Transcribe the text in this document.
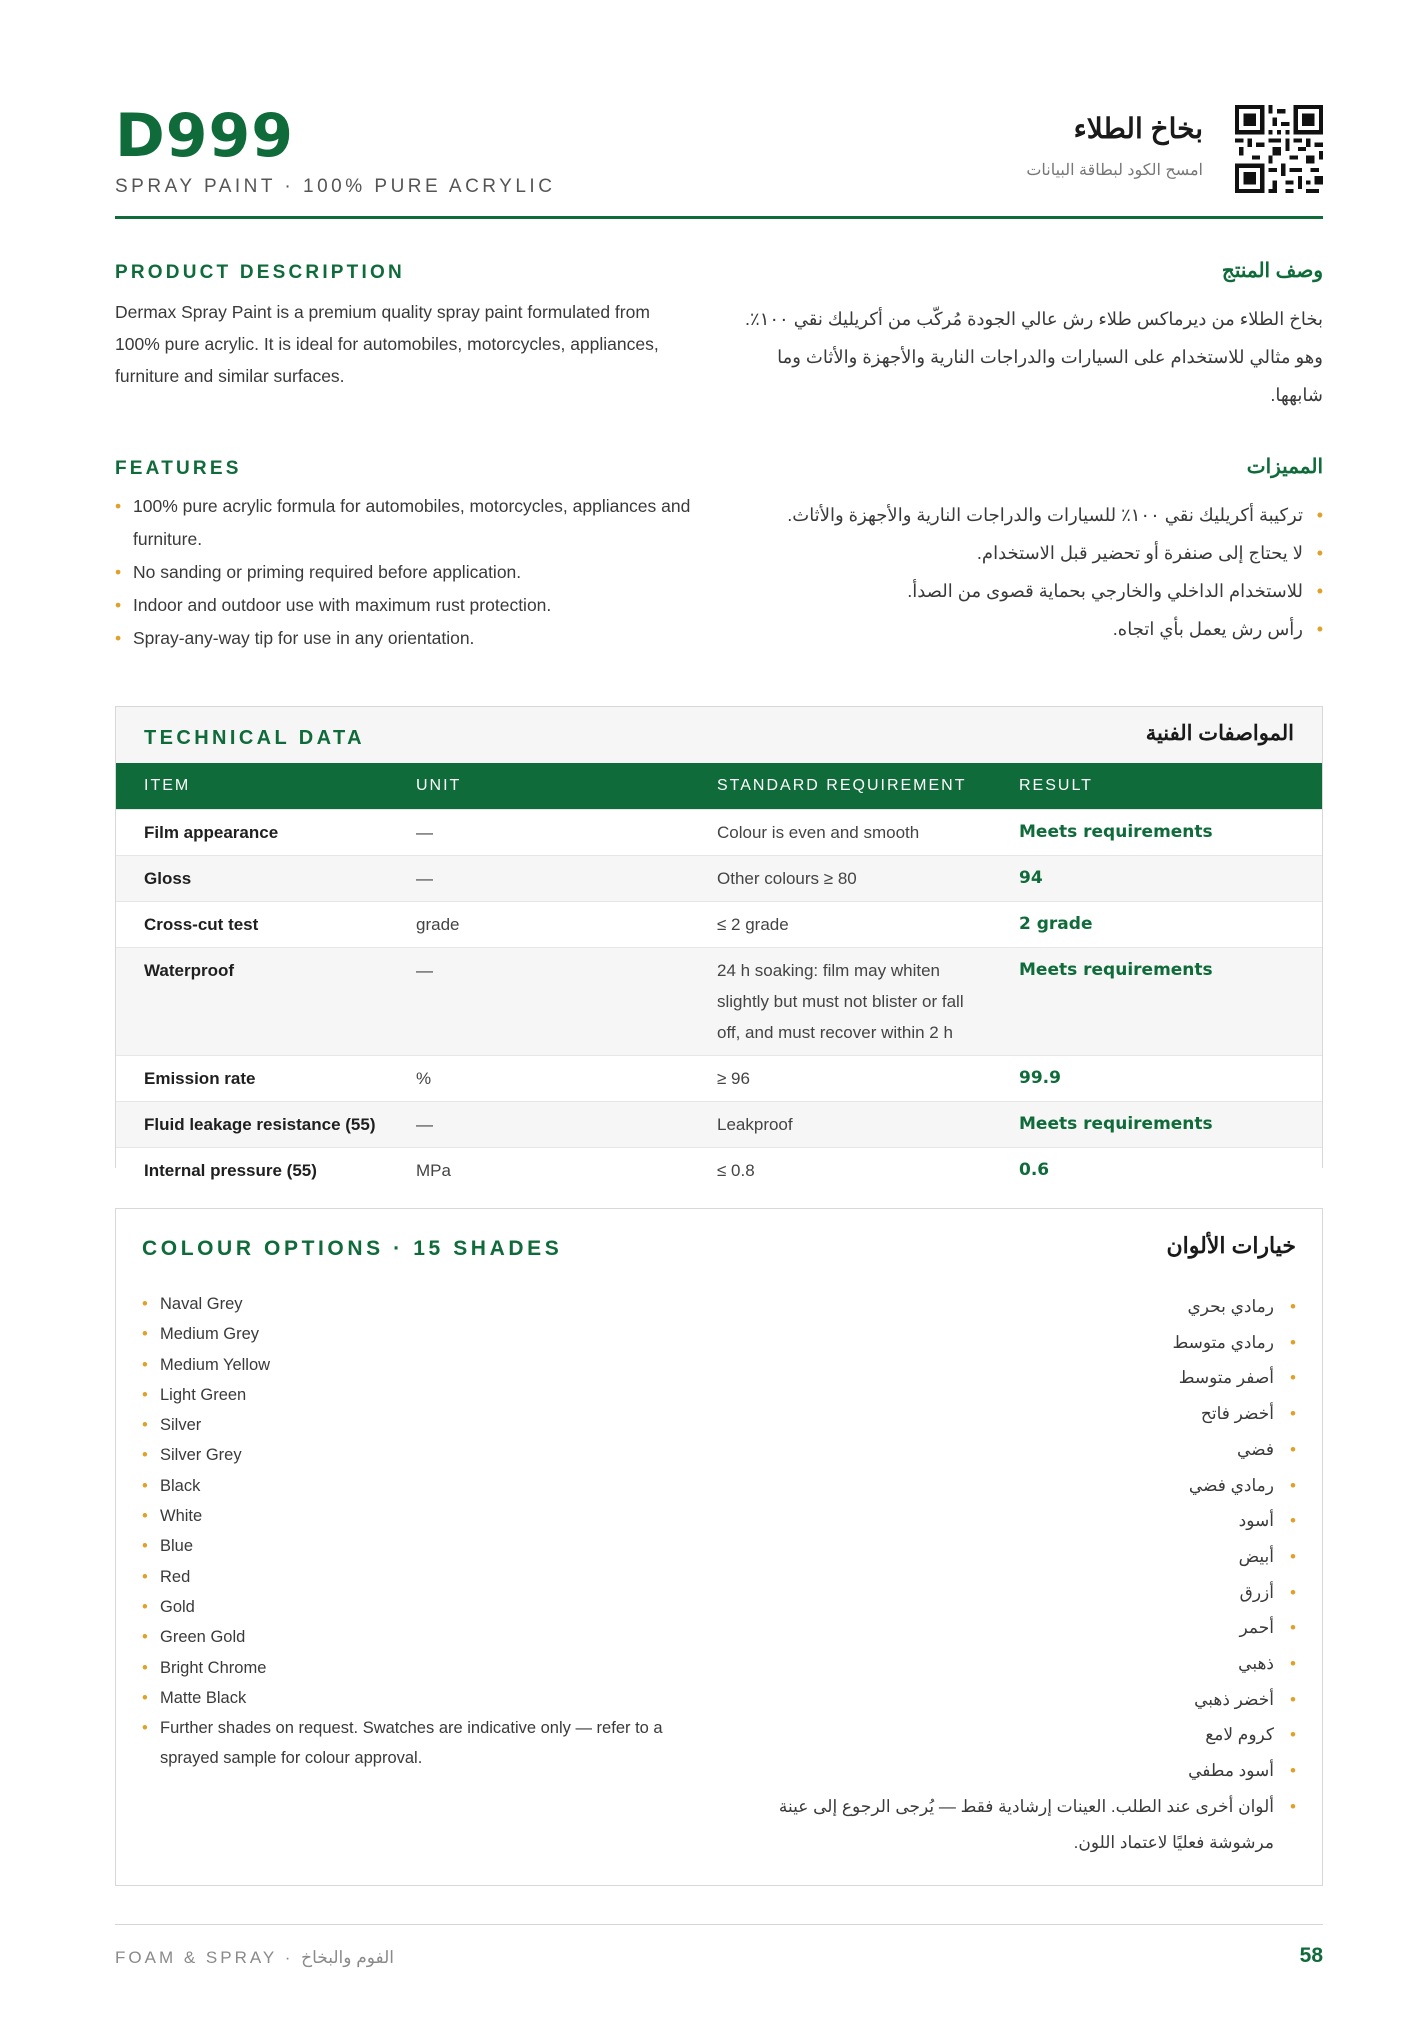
D999
SPRAY PAINT · 100% PURE ACRYLIC
بخاخ الطلاء
امسح الكود لبطاقة البيانات
PRODUCT DESCRIPTION	وصف المنتج

Dermax Spray Paint is a premium quality spray paint formulated from 100% pure acrylic. It is ideal for automobiles, motorcycles, appliances, furniture and similar surfaces.

بخاخ الطلاء من ديرماكس طلاء رش عالي الجودة مُركّب من أكريليك نقي ١٠٠٪. وهو مثالي للاستخدام على السيارات والدراجات النارية والأجهزة والأثاث وما شابهها.

FEATURES	المميزات
• 100% pure acrylic formula for automobiles, motorcycles, appliances and furniture.
• No sanding or priming required before application.
• Indoor and outdoor use with maximum rust protection.
• Spray-any-way tip for use in any orientation.
• تركيبة أكريليك نقي ١٠٠٪ للسيارات والدراجات النارية والأجهزة والأثاث.
• لا يحتاج إلى صنفرة أو تحضير قبل الاستخدام.
• للاستخدام الداخلي والخارجي بحماية قصوى من الصدأ.
• رأس رش يعمل بأي اتجاه.
TECHNICAL DATA	المواصفات الفنية
ITEM	UNIT	STANDARD REQUIREMENT	RESULT
Film appearance	—	Colour is even and smooth	Meets requirements
Gloss	—	Other colours ≥ 80	94
Cross-cut test	grade	≤ 2 grade	2 grade
Waterproof	—	24 h soaking: film may whiten slightly but must not blister or fall off, and must recover within 2 h	Meets requirements
Emission rate	%	≥ 96	99.9
Fluid leakage resistance (55)	—	Leakproof	Meets requirements
Internal pressure (55)	MPa	≤ 0.8	0.6
COLOUR OPTIONS · 15 SHADES	خيارات الألوان
• Naval Grey
• Medium Grey
• Medium Yellow
• Light Green
• Silver
• Silver Grey
• Black
• White
• Blue
• Red
• Gold
• Green Gold
• Bright Chrome
• Matte Black
• Further shades on request. Swatches are indicative only — refer to a sprayed sample for colour approval.
• رمادي بحري
• رمادي متوسط
• أصفر متوسط
• أخضر فاتح
• فضي
• رمادي فضي
• أسود
• أبيض
• أزرق
• أحمر
• ذهبي
• أخضر ذهبي
• كروم لامع
• أسود مطفي
• ألوان أخرى عند الطلب. العينات إرشادية فقط — يُرجى الرجوع إلى عينة مرشوشة فعليًا لاعتماد اللون.
FOAM & SPRAY · الفوم والبخاخ	58
